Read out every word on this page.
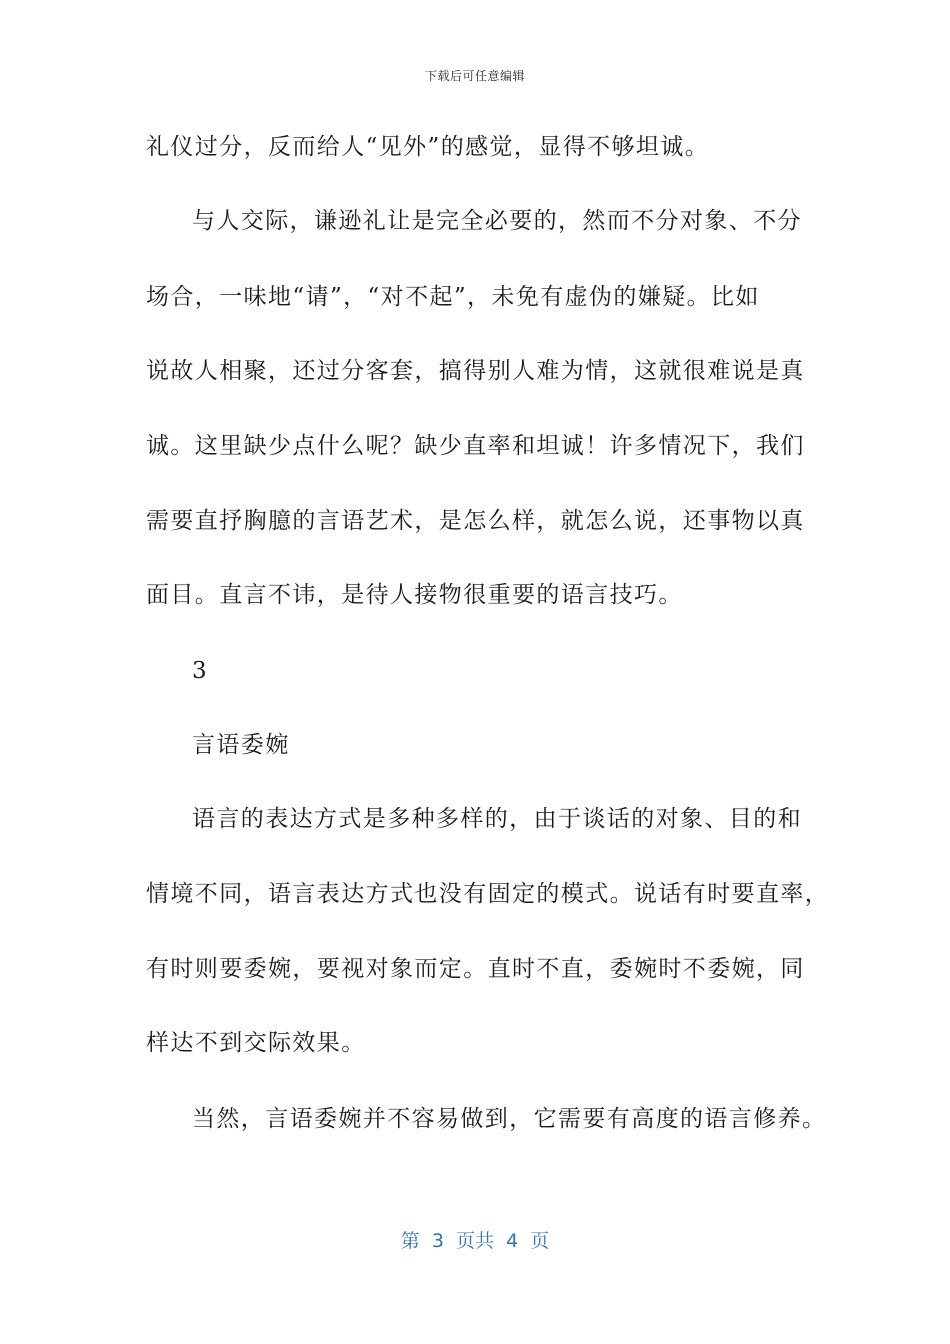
下载后可任意编辑
礼仪过分，反而给人“见外”的感觉，显得不够坦诚。
与人交际，谦逊礼让是完全必要的，然而不分对象、不分
场合，一味地“请”，“对不起”，未免有虚伪的嫌疑。比如
说故人相聚，还过分客套，搞得别人难为情，这就很难说是真
诚。这里缺少点什么呢？缺少直率和坦诚！许多情况下，我们
需要直抒胸臆的言语艺术，是怎么样，就怎么说，还事物以真
面目。直言不讳，是待人接物很重要的语言技巧。
3
言语委婉
语言的表达方式是多种多样的，由于谈话的对象、目的和
情境不同，语言表达方式也没有固定的模式。说话有时要直率，
有时则要委婉，要视对象而定。直时不直，委婉时不委婉，同
样达不到交际效果。
当然，言语委婉并不容易做到，它需要有高度的语言修养。
第  3  页共  4  页
